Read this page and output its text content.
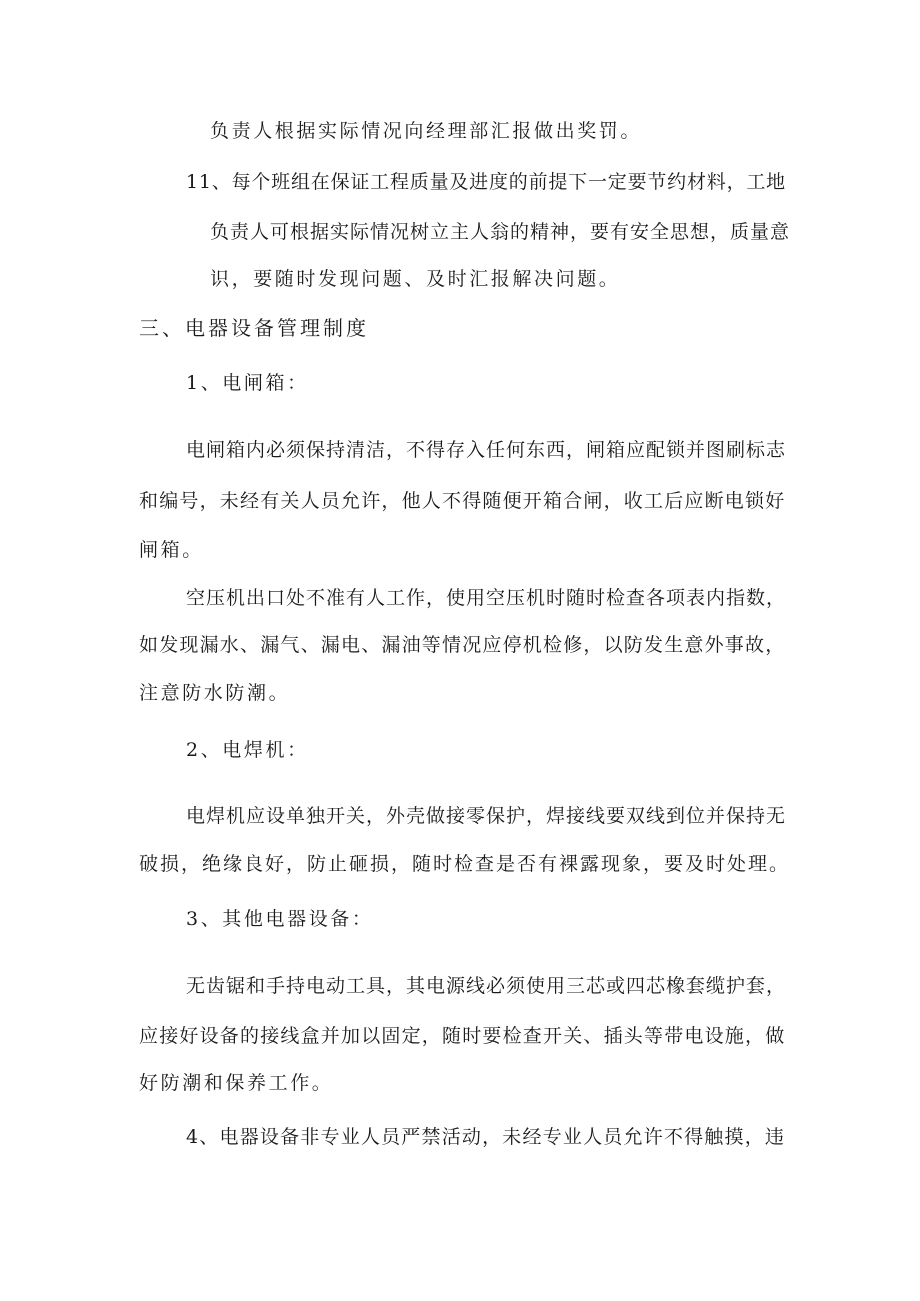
负责人根据实际情况向经理部汇报做出奖罚。
11、每个班组在保证工程质量及进度的前提下一定要节约材料，工地
负责人可根据实际情况树立主人翁的精神，要有安全思想，质量意
识，要随时发现问题、及时汇报解决问题。
三、电器设备管理制度
1、电闸箱：
电闸箱内必须保持清洁，不得存入任何东西，闸箱应配锁并图刷标志
和编号，未经有关人员允许，他人不得随便开箱合闸，收工后应断电锁好
闸箱。
空压机出口处不准有人工作，使用空压机时随时检查各项表内指数，
如发现漏水、漏气、漏电、漏油等情况应停机检修，以防发生意外事故，
注意防水防潮。
2、电焊机：
电焊机应设单独开关，外壳做接零保护，焊接线要双线到位并保持无
破损，绝缘良好，防止砸损，随时检查是否有裸露现象，要及时处理。
3、其他电器设备：
无齿锯和手持电动工具，其电源线必须使用三芯或四芯橡套缆护套，
应接好设备的接线盒并加以固定，随时要检查开关、插头等带电设施，做
好防潮和保养工作。
4、电器设备非专业人员严禁活动，未经专业人员允许不得触摸，违
